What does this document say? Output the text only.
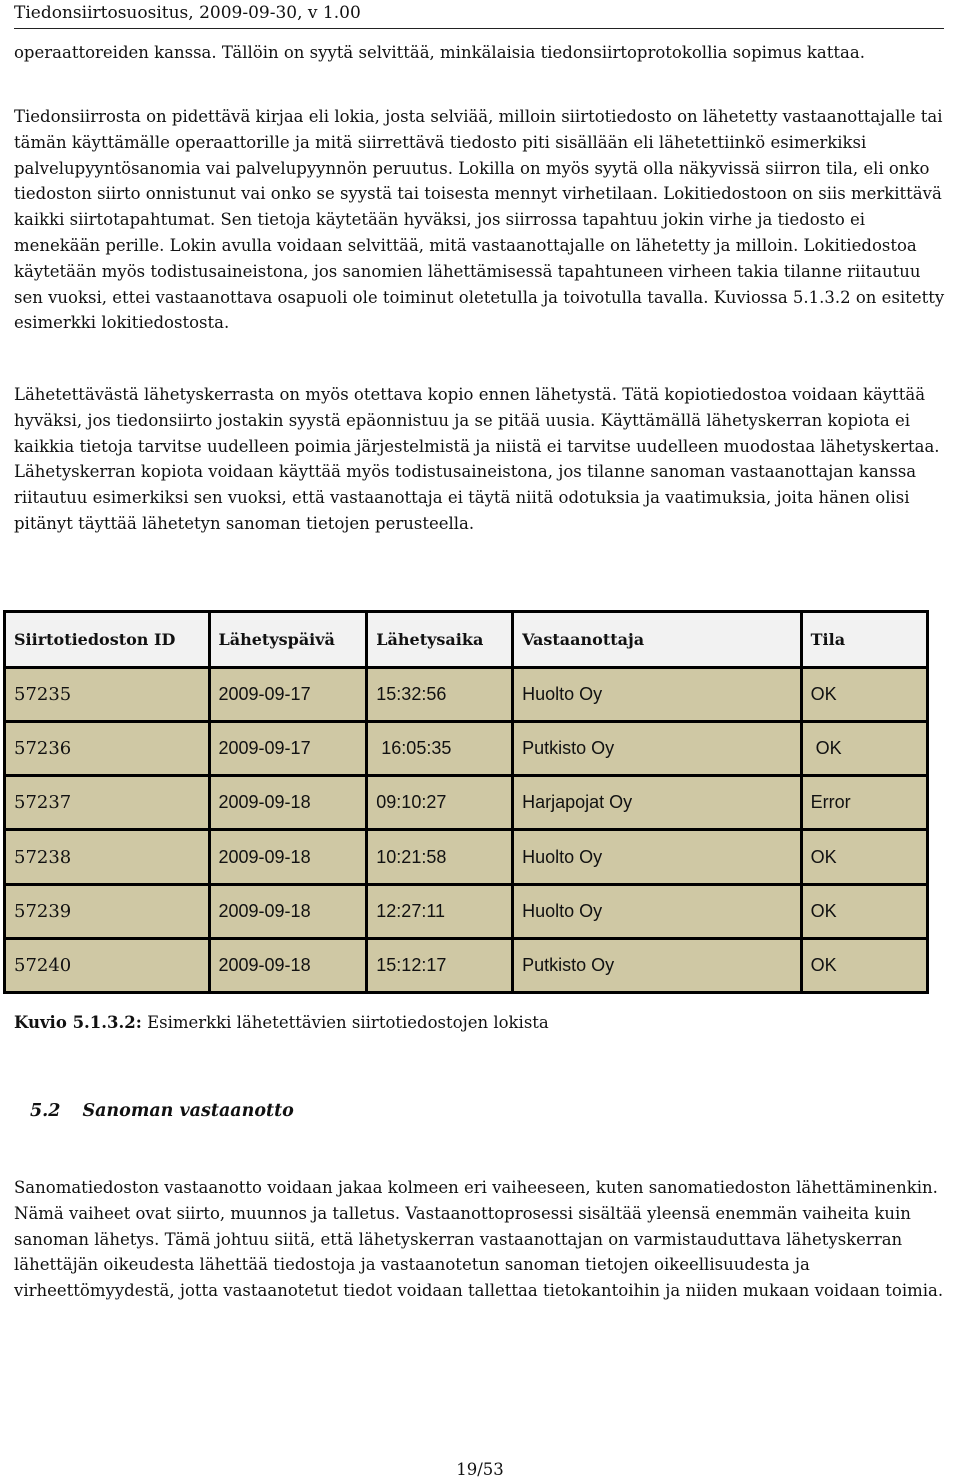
Tiedonsiirtosuositus, 2009-09-30, v 1.00

operaattoreiden kanssa. Tällöin on syytä selvittää, minkälaisia tiedonsiirtoprotokollia sopimus kattaa.

Tiedonsiirrosta on pidettävä kirjaa eli lokia, josta selviää, milloin siirtotiedosto on lähetetty vastaanottajalle tai tämän käyttämälle operaattorille ja mitä siirrettävä tiedosto piti sisällään eli lähetettiinkö esimerkiksi palvelupyyntösanomia vai palvelupyynnön peruutus. Lokilla on myös syytä olla näkyvissä siirron tila, eli onko tiedoston siirto onnistunut vai onko se syystä tai toisesta mennyt virhetilaan. Lokitiedostoon on siis merkittävä kaikki siirtotapahtumat. Sen tietoja käytetään hyväksi, jos siirrossa tapahtuu jokin virhe ja tiedosto ei menekään perille. Lokin avulla voidaan selvittää, mitä vastaanottajalle on lähetetty ja milloin. Lokitiedostoa käytetään myös todistusaineistona, jos sanomien lähettämisessä tapahtuneen virheen takia tilanne riitautuu sen vuoksi, ettei vastaanottava osapuoli ole toiminut oletetulla ja toivotulla tavalla. Kuviossa 5.1.3.2 on esitetty esimerkki lokitiedostosta.

Lähetettävästä lähetyskerrasta on myös otettava kopio ennen lähetystä. Tätä kopiotiedostoa voidaan käyttää hyväksi, jos tiedonsiirto jostakin syystä epäonnistuu ja se pitää uusia. Käyttämällä lähetyskerran kopiota ei kaikkia tietoja tarvitse uudelleen poimia järjestelmistä ja niistä ei tarvitse uudelleen muodostaa lähetyskertaa. Lähetyskerran kopiota voidaan käyttää myös todistusaineistona, jos tilanne sanoman vastaanottajan kanssa riitautuu esimerkiksi sen vuoksi, että vastaanottaja ei täytä niitä odotuksia ja vaatimuksia, joita hänen olisi pitänyt täyttää lähetetyn sanoman tietojen perusteella.

Siirtotiedoston ID	Lähetyspäivä	Lähetysaika	Vastaanottaja	Tila
57235	2009-09-17	15:32:56	Huolto Oy	OK
57236	2009-09-17	16:05:35	Putkisto Oy	OK
57237	2009-09-18	09:10:27	Harjapojat Oy	Error
57238	2009-09-18	10:21:58	Huolto Oy	OK
57239	2009-09-18	12:27:11	Huolto Oy	OK
57240	2009-09-18	15:12:17	Putkisto Oy	OK
Kuvio 5.1.3.2: Esimerkki lähetettävien siirtotiedostojen lokista
5.2 Sanoman vastaanotto

Sanomatiedoston vastaanotto voidaan jakaa kolmeen eri vaiheeseen, kuten sanomatiedoston lähettäminenkin. Nämä vaiheet ovat siirto, muunnos ja talletus. Vastaanottoprosessi sisältää yleensä enemmän vaiheita kuin sanoman lähetys. Tämä johtuu siitä, että lähetyskerran vastaanottajan on varmistauduttava lähetyskerran lähettäjän oikeudesta lähettää tiedostoja ja vastaanotetun sanoman tietojen oikeellisuudesta ja virheettömyydestä, jotta vastaanotetut tiedot voidaan tallettaa tietokantoihin ja niiden mukaan voidaan toimia.

19/53
